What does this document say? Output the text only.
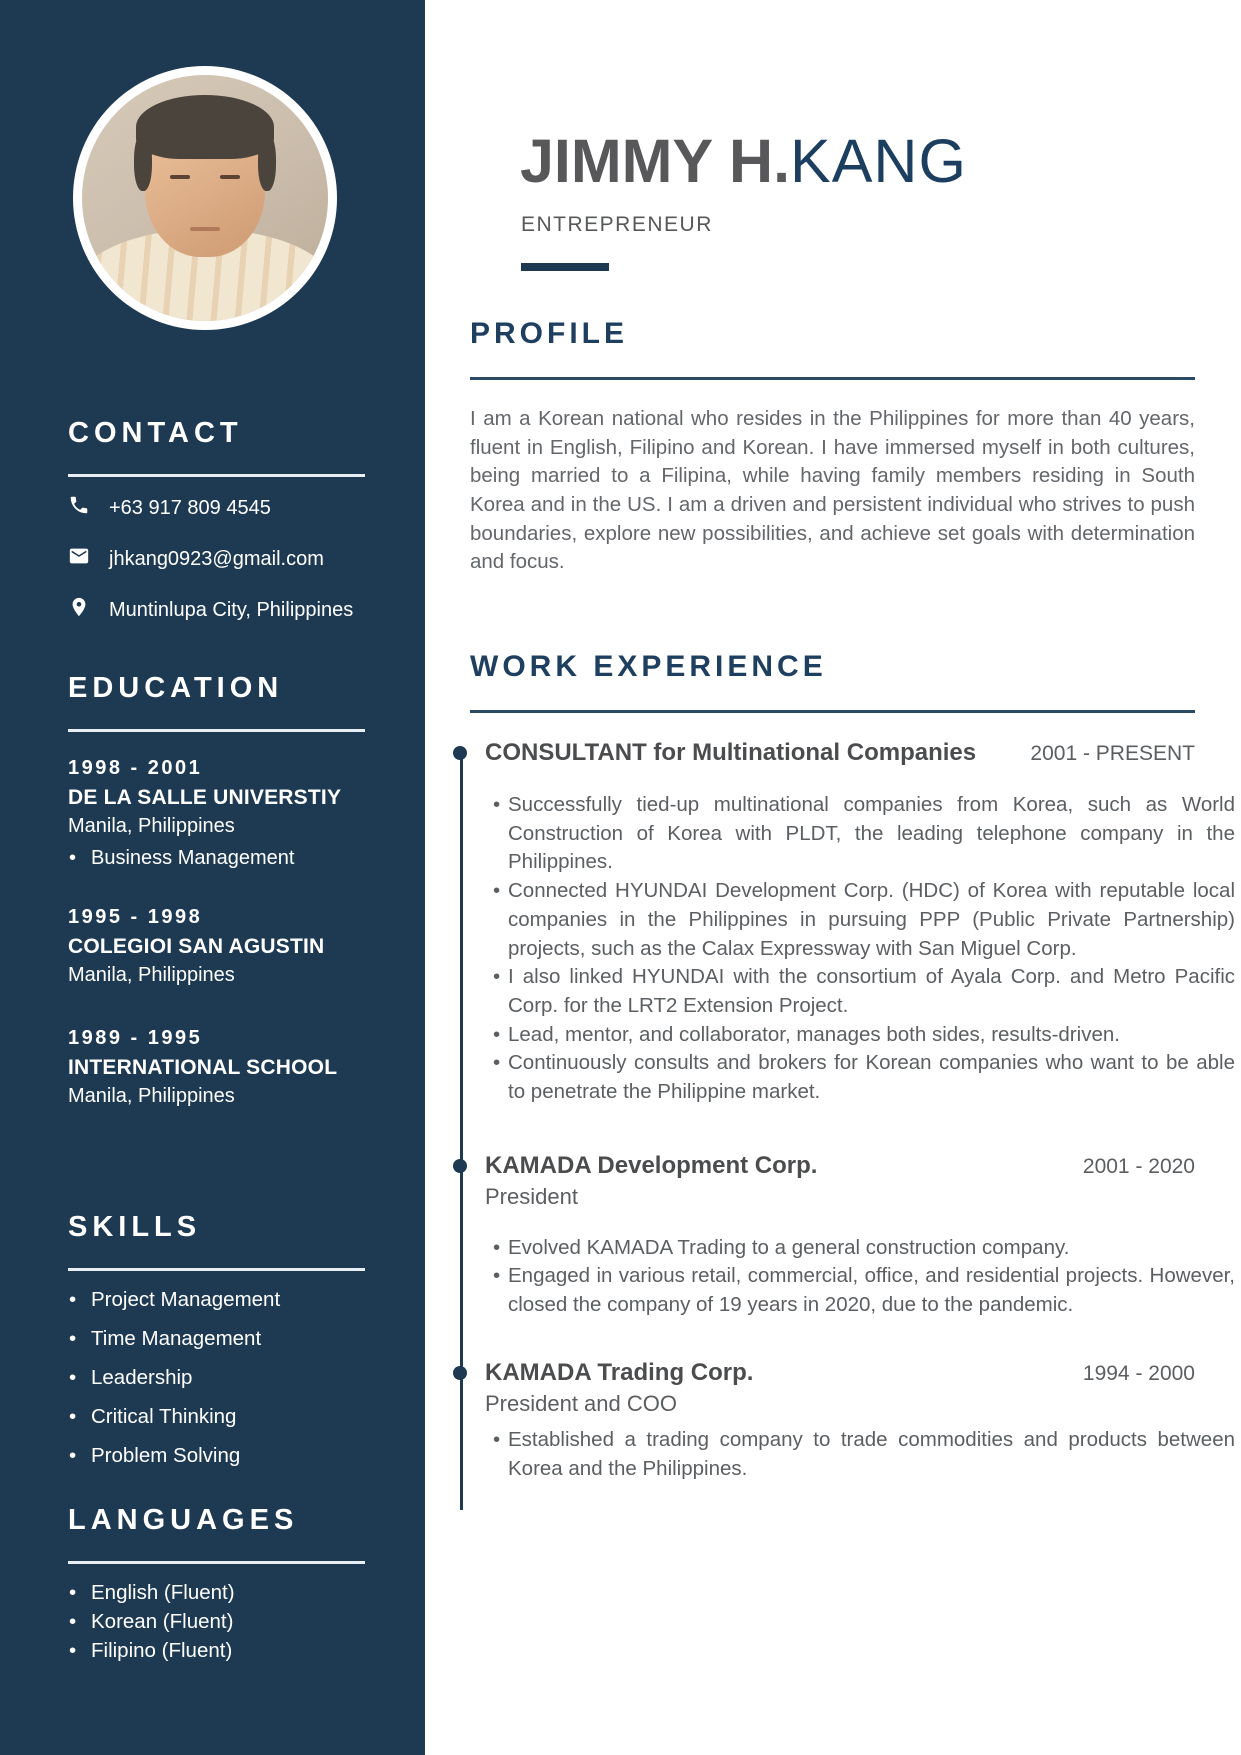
CONTACT
+63 917 809 4545
jhkang0923@gmail.com
Muntinlupa City, Philippines
EDUCATION
1998 - 2001
DE LA SALLE UNIVERSTIY
Manila, Philippines
• Business Management
1995 - 1998
COLEGIOI SAN AGUSTIN
Manila, Philippines
1989 - 1995
INTERNATIONAL SCHOOL
Manila, Philippines
SKILLS
• Project Management
• Time Management
• Leadership
• Critical Thinking
• Problem Solving
LANGUAGES
• English (Fluent)
• Korean (Fluent)
• Filipino (Fluent)
JIMMY H.KANG
ENTREPRENEUR
PROFILE

I am a Korean national who resides in the Philippines for more than 40 years, fluent in English, Filipino and Korean. I have immersed myself in both cultures, being married to a Filipina, while having family members residing in South Korea and in the US. I am a driven and persistent individual who strives to push boundaries, explore new possibilities, and achieve set goals with determination and focus.

WORK EXPERIENCE
CONSULTANT for Multinational Companies	2001 - PRESENT
• Successfully tied-up multinational companies from Korea, such as World Construction of Korea with PLDT, the leading telephone company in the Philippines.
• Connected HYUNDAI Development Corp. (HDC) of Korea with reputable local companies in the Philippines in pursuing PPP (Public Private Partnership) projects, such as the Calax Expressway with San Miguel Corp.
• I also linked HYUNDAI with the consortium of Ayala Corp. and Metro Pacific Corp. for the LRT2 Extension Project.
• Lead, mentor, and collaborator, manages both sides, results-driven.
• Continuously consults and brokers for Korean companies who want to be able to penetrate the Philippine market.
KAMADA Development Corp.	2001 - 2020
President
• Evolved KAMADA Trading to a general construction company.
• Engaged in various retail, commercial, office, and residential projects. However, closed the company of 19 years in 2020, due to the pandemic.
KAMADA Trading Corp.	1994 - 2000
President and COO
• Established a trading company to trade commodities and products between Korea and the Philippines.
